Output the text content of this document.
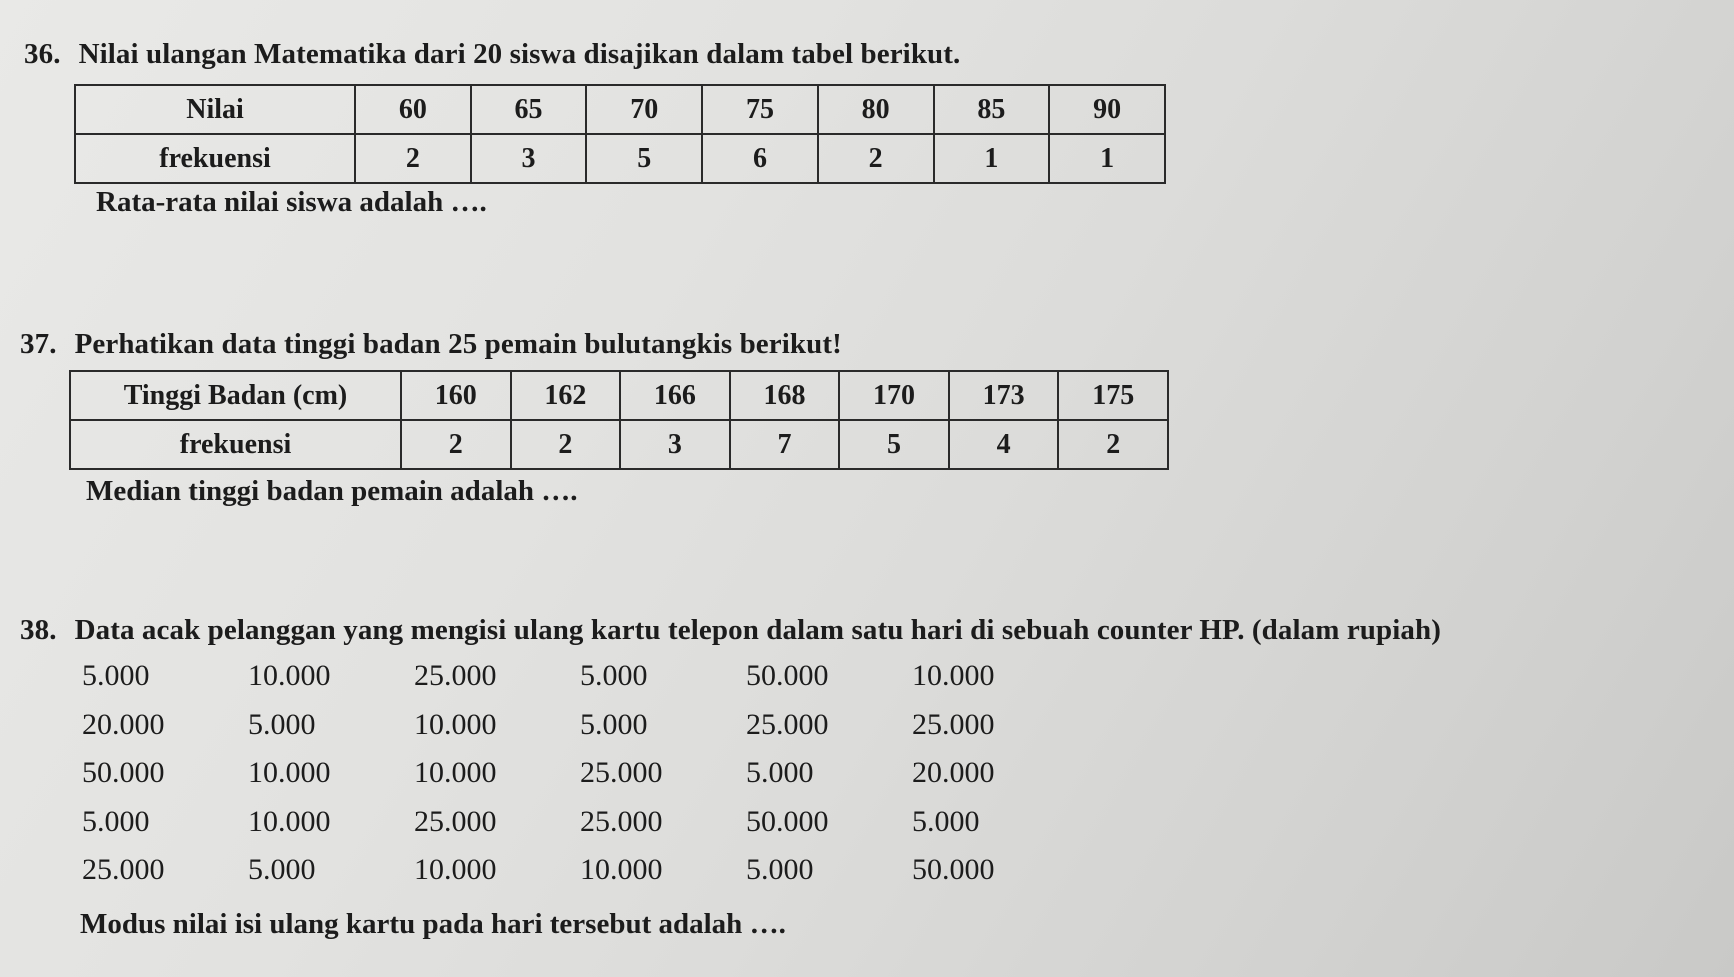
36. Nilai ulangan Matematika dari 20 siswa disajikan dalam tabel berikut.
Nilai	60	65	70	75	80	85	90
frekuensi	2	3	5	6	2	1	1
Rata-rata nilai siswa adalah ….
37. Perhatikan data tinggi badan 25 pemain bulutangkis berikut!
Tinggi Badan (cm)	160	162	166	168	170	173	175
frekuensi	2	2	3	7	5	4	2
Median tinggi badan pemain adalah ….
38. Data acak pelanggan yang mengisi ulang kartu telepon dalam satu hari di sebuah counter HP. (dalam rupiah)
5.000	10.000	25.000	5.000	50.000	10.000
20.000	5.000	10.000	5.000	25.000	25.000
50.000	10.000	10.000	25.000	5.000	20.000
5.000	10.000	25.000	25.000	50.000	5.000
25.000	5.000	10.000	10.000	5.000	50.000
Modus nilai isi ulang kartu pada hari tersebut adalah ….
